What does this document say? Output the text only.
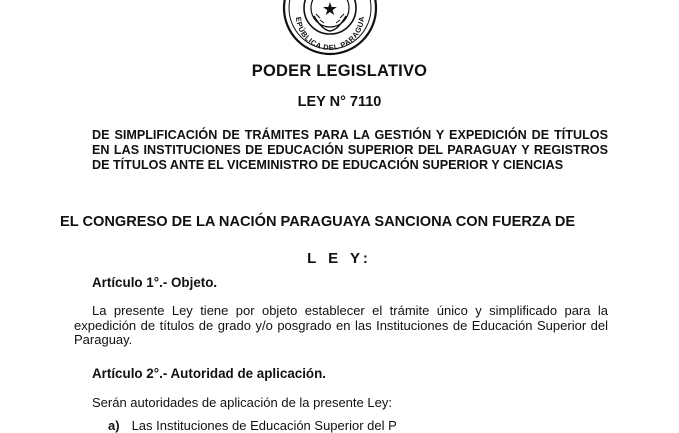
EPÚBLICA DEL PARAGUA
★
PODER LEGISLATIVO
LEY N° 7110
DE SIMPLIFICACIÓN DE TRÁMITES PARA LA GESTIÓN Y EXPEDICIÓN DE TÍTULOS EN LAS INSTITUCIONES DE EDUCACIÓN SUPERIOR DEL PARAGUAY Y REGISTROS DE TÍTULOS ANTE EL VICEMINISTRO DE EDUCACIÓN SUPERIOR Y CIENCIAS
EL CONGRESO DE LA NACIÓN PARAGUAYA SANCIONA CON FUERZA DE
L E Y:
Artículo 1°.- Objeto.
La presente Ley tiene por objeto establecer el trámite único y simplificado para la expedición de títulos de grado y/o posgrado en las Instituciones de Educación Superior del Paraguay.
Artículo 2°.- Autoridad de aplicación.
Serán autoridades de aplicación de la presente Ley:
a) Las Instituciones de Educación Superior del P
